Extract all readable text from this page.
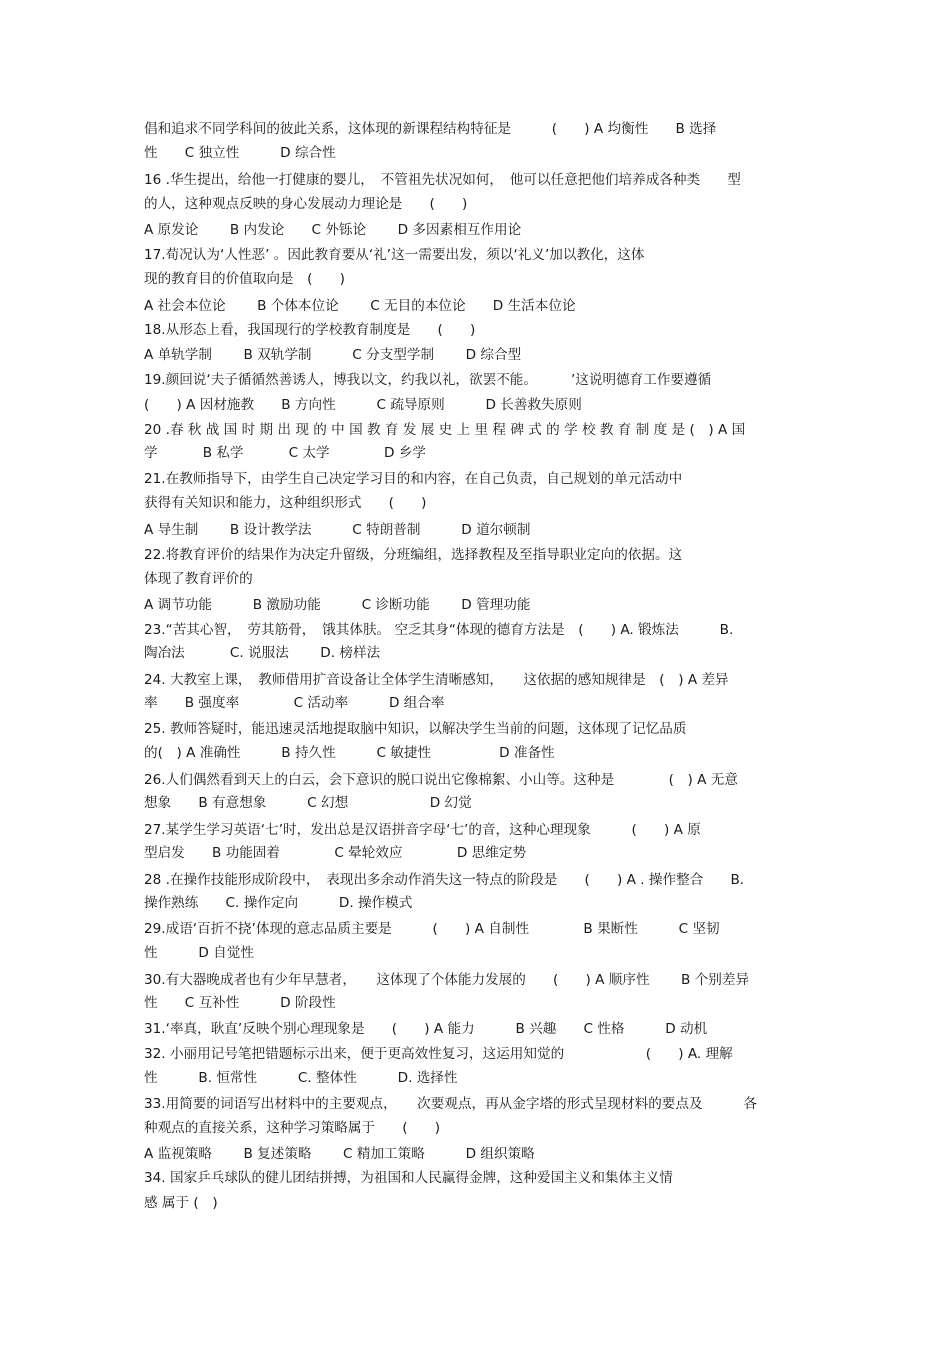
倡和追求不同学科间的彼此关系，这体现的新课程结构特征是　　　(　　) A 均衡性　　B 选择
性　　C 独立性　　　D 综合性
16 .华生提出，给他一打健康的婴儿，　不管祖先状况如何，　他可以任意把他们培养成各种类　　型
的人，这种观点反映的身心发展动力理论是　　(　　)
A 原发论　　 B 内发论　　C 外铄论　　 D 多因素相互作用论
17.荀况认为‘人性恶’ 。因此教育要从‘礼’这一需要出发，须以‘礼义’加以教化，这体
现的教育目的价值取向是　(　　)
A 社会本位论　　 B 个体本位论　　 C 无目的本位论　　D 生活本位论
18.从形态上看，我国现行的学校教育制度是　　(　　)
A 单轨学制　　 B 双轨学制　　　C 分支型学制　　 D 综合型
19.颜回说‘夫子循循然善诱人，博我以文，约我以礼，欲罢不能。　　　’这说明德育工作要遵循
(　　) A 因材施教　　B 方向性　　　C 疏导原则　　　D 长善救失原则
20 .春 秋 战 国 时 期 出 现 的 中 国 教 育 发 展 史 上 里 程 碑 式 的 学 校 教 育 制 度 是 (　) A 国
学　　　 B 私学　　　 C 太学　　　　D 乡学
21.在教师指导下，由学生自己决定学习目的和内容，在自己负责，自己规划的单元活动中
获得有关知识和能力，这种组织形式　　(　　)
A 导生制　　 B 设计教学法　　　C 特朗普制　　　D 道尔顿制
22.将教育评价的结果作为决定升留级，分班编组，选择教程及至指导职业定向的依据。这
体现了教育评价的
A 调节功能　　　B 激励功能　　　C 诊断功能　　 D 管理功能
23.“苦其心智，　劳其筋骨，　饿其体肤。 空乏其身“体现的德育方法是　(　　) A. 锻炼法　　　B.
陶冶法　　　 C. 说服法　　 D. 榜样法
24. 大教室上课，　教师借用扩音设备让全体学生清晰感知，　　这依据的感知规律是　(　) A 差异
率　　B 强度率　　　　C 活动率　　　D 组合率
25. 教师答疑时，能迅速灵活地提取脑中知识，以解决学生当前的问题，这体现了记忆品质
的(　) A 准确性　　　B 持久性　　　C 敏捷性　　　　　D 准备性
26.人们偶然看到天上的白云，会下意识的脱口说出它像棉絮、小山等。这种是　　　　(　) A 无意
想象　　B 有意想象　　　C 幻想　　　　　　D 幻觉
27.某学生学习英语‘七’时，发出总是汉语拼音字母‘七’的音，这种心理现象　　　(　　) A 原
型启发　　B 功能固着　　　　C 晕轮效应　　　　D 思维定势
28 .在操作技能形成阶段中，　表现出多余动作消失这一特点的阶段是　　(　　) A . 操作整合　　B.
操作熟练　　C. 操作定向　　　D. 操作模式
29.成语‘百折不挠’体现的意志品质主要是　　　(　　) A 自制性　　　　B 果断性　　　C 坚韧
性　　　D 自觉性
30.有大器晚成者也有少年早慧者，　　这体现了个体能力发展的　　(　　) A 顺序性　　 B 个别差异
性　　C 互补性　　　D 阶段性
31.‘率真，耿直’反映个别心理现象是　　(　　) A 能力　　　B 兴趣　　C 性格　　　D 动机
32. 小丽用记号笔把错题标示出来，便于更高效性复习，这运用知觉的　　　　　　(　　) A. 理解
性　　　B. 恒常性　　　C. 整体性　　　D. 选择性
33.用简要的词语写出材料中的主要观点，　　次要观点，再从金字塔的形式呈现材料的要点及　　　各
种观点的直接关系，这种学习策略属于　　(　　)
A 监视策略　　 B 复述策略　　 C 精加工策略　　　D 组织策略
34. 国家乒乓球队的健儿团结拼搏，为祖国和人民赢得金牌，这种爱国主义和集体主义情
感 属于 (　)
